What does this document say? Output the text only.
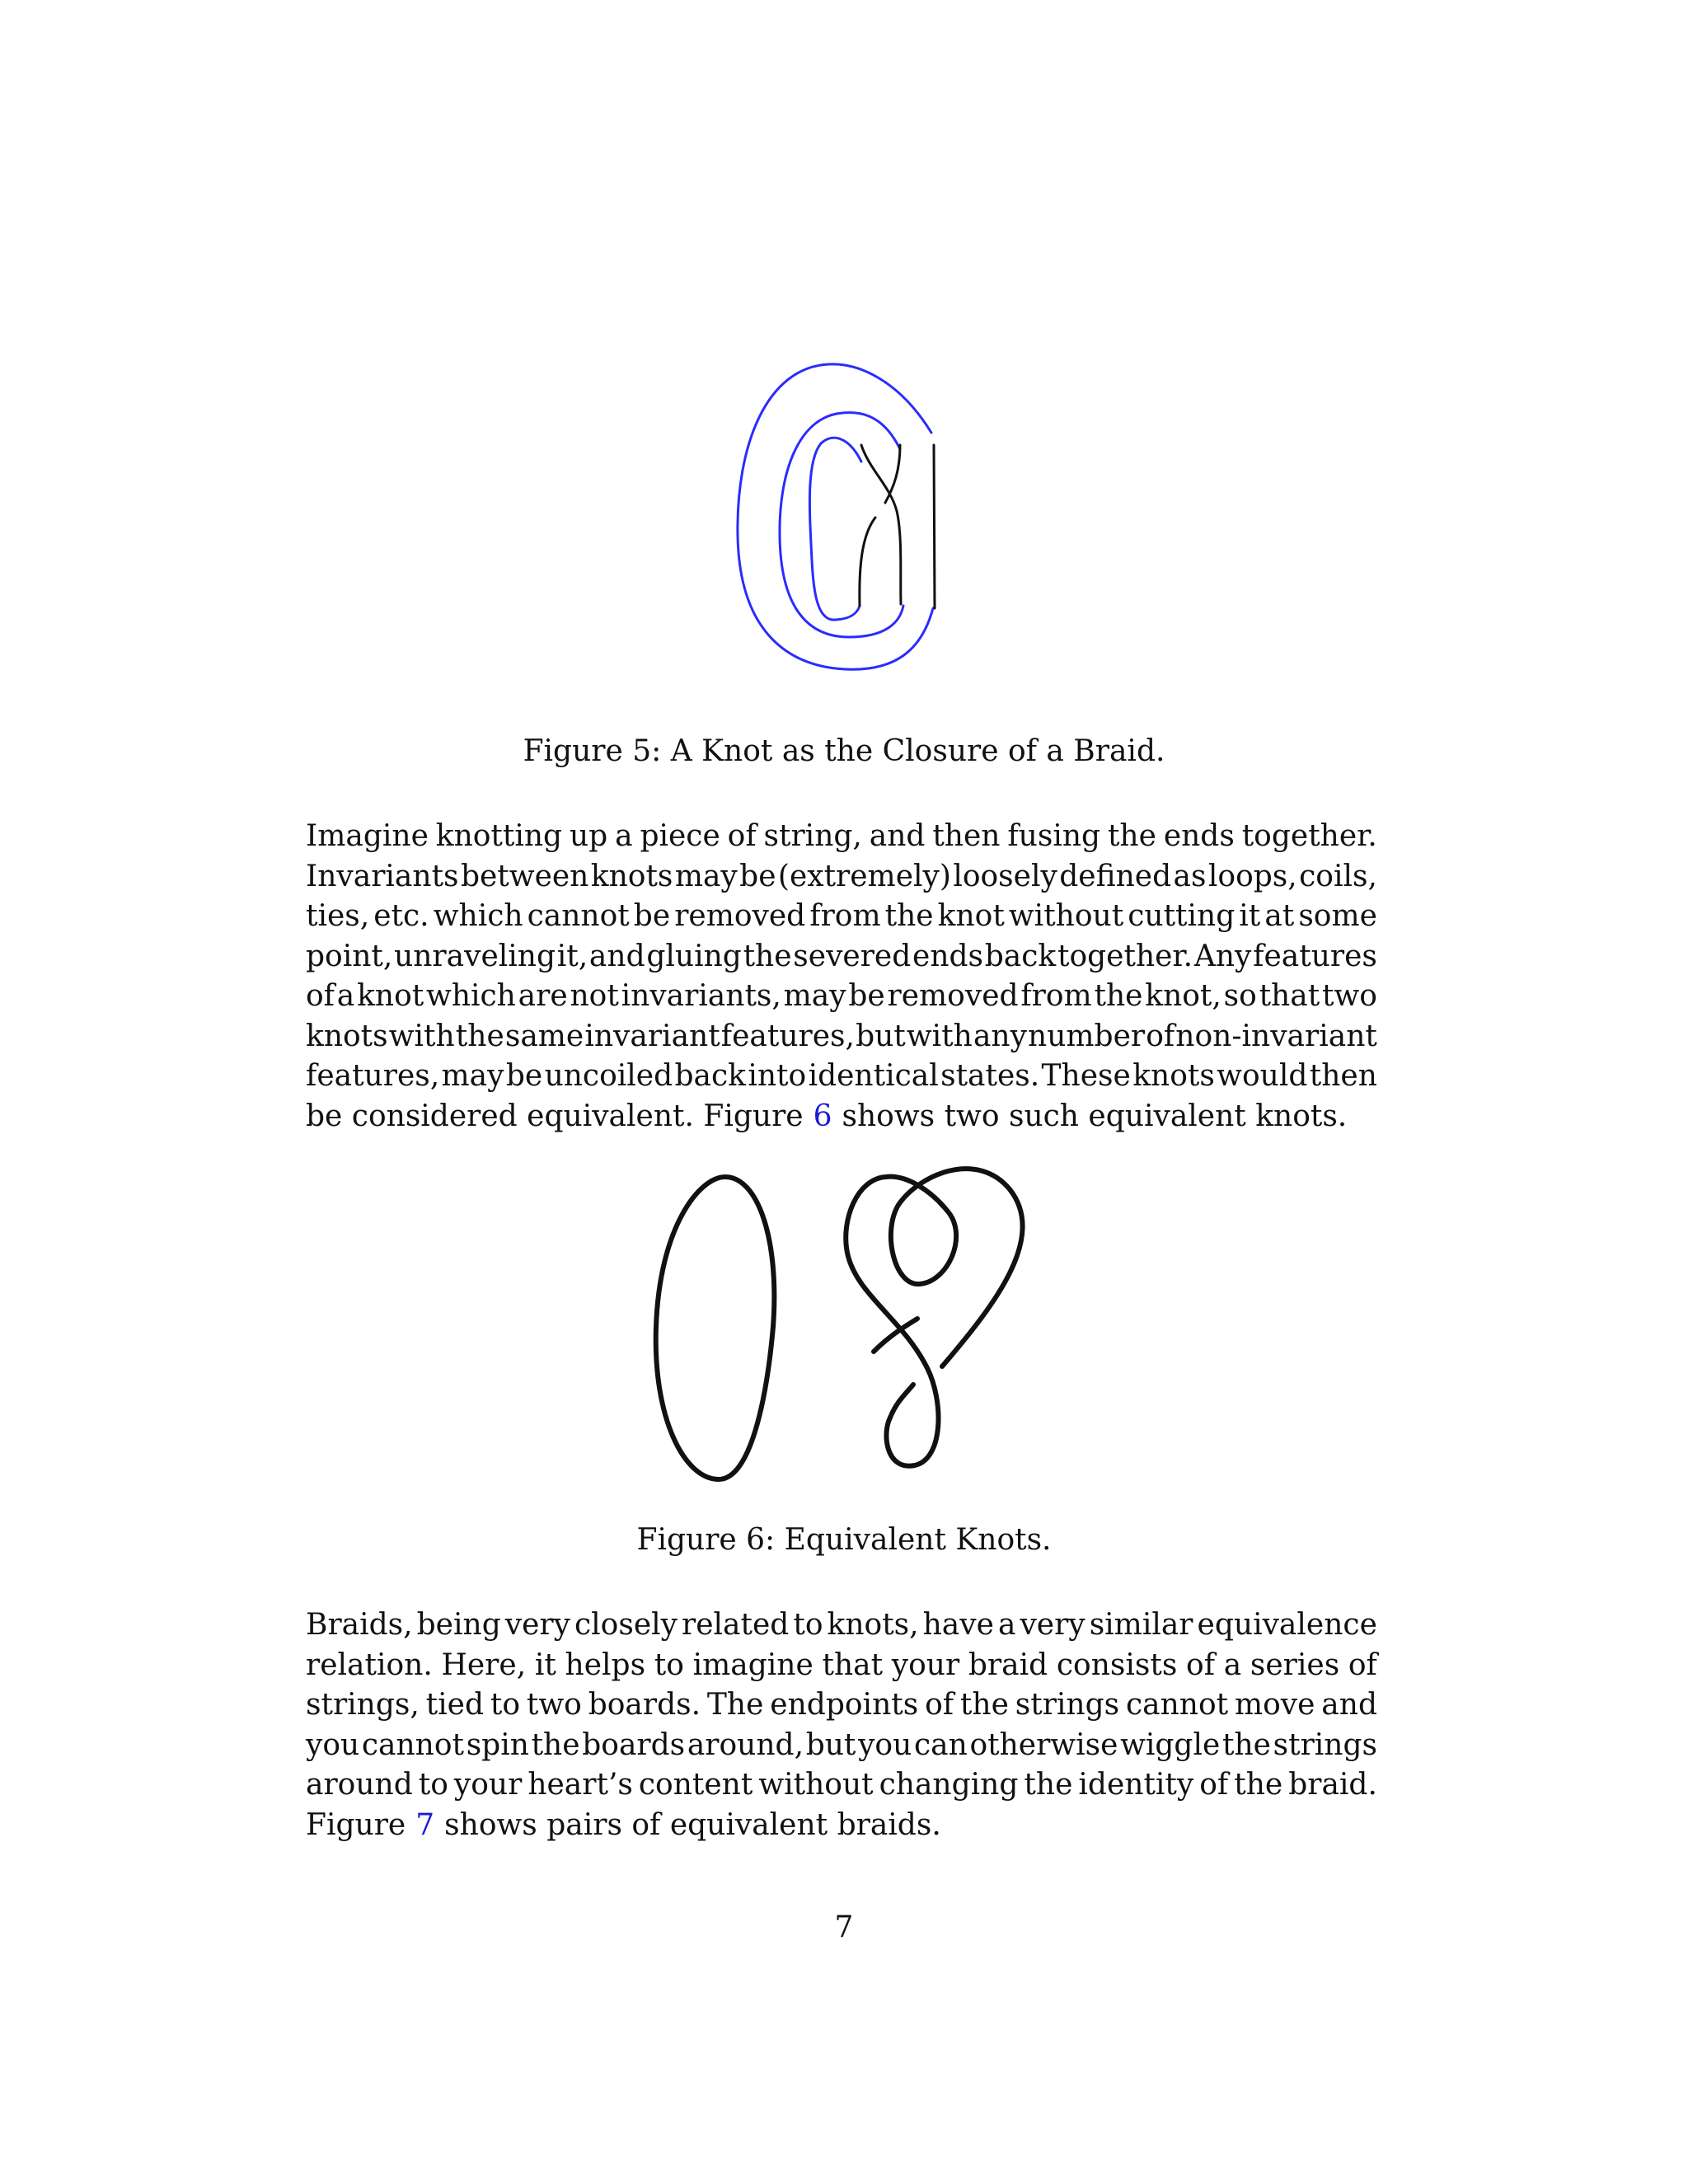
Figure 5: A Knot as the Closure of a Braid.
Imagine knotting up a piece of string, and then fusing the ends together.
Invariants between knots may be (extremely) loosely defined as loops, coils,
ties, etc. which cannot be removed from the knot without cutting it at some
point, unraveling it, and gluing the severed ends back together. Any features
of a knot which are not invariants, may be removed from the knot, so that two
knots with the same invariant features, but with any number of non-invariant
features, may be uncoiled back into identical states. These knots would then
be considered equivalent. Figure 6 shows two such equivalent knots.
Figure 6: Equivalent Knots.
Braids, being very closely related to knots, have a very similar equivalence
relation. Here, it helps to imagine that your braid consists of a series of
strings, tied to two boards. The endpoints of the strings cannot move and
you cannot spin the boards around, but you can otherwise wiggle the strings
around to your heart’s content without changing the identity of the braid.
Figure 7 shows pairs of equivalent braids.
7
